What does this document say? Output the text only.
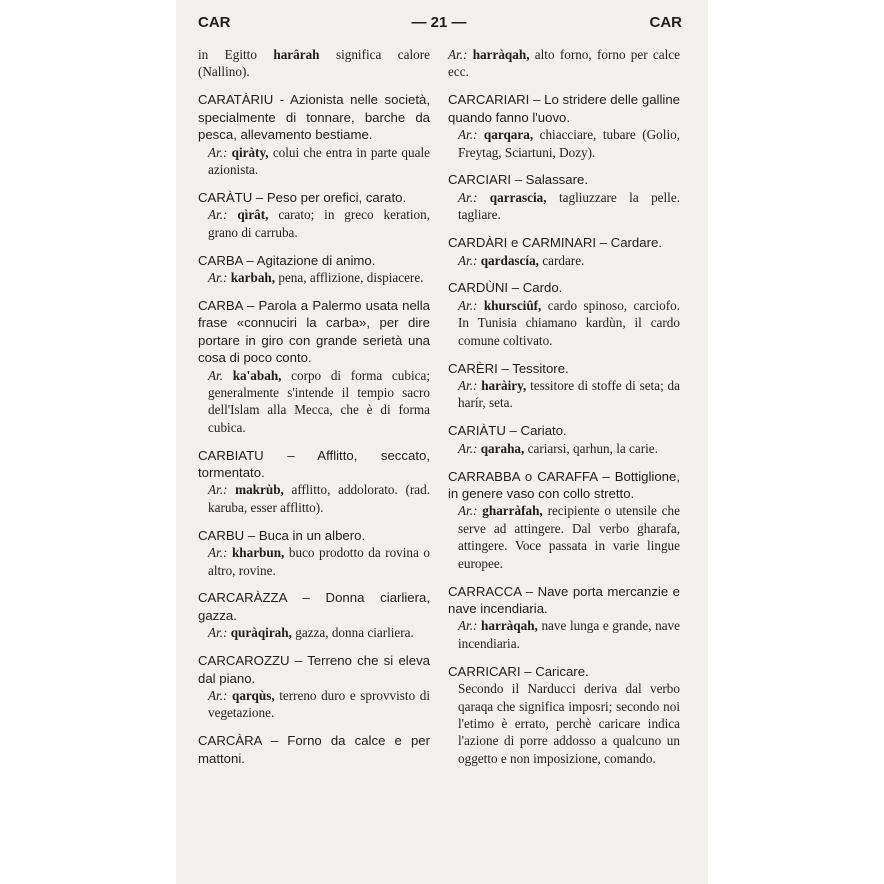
CAR	— 21 —	CAR
in Egitto harârah significa calore (Nallino).
CARATÀRIU - Azionista nelle società, specialmente di tonnare, barche da pesca, allevamento bestiame.
Ar.: qiràty, colui che entra in parte quale azionista.
CARÀTU – Peso per orefici, carato.
Ar.: qìrât, carato; in greco keration, grano di carruba.
CARBA – Agitazione di animo.
Ar.: karbah, pena, afflizione, dispiacere.
CARBA – Parola a Palermo usata nella frase «connuciri la carba», per dire portare in giro con grande serietà una cosa di poco conto.
Ar. ka'abah, corpo di forma cubica; generalmente s'intende il tempio sacro dell'Islam alla Mecca, che è di forma cubica.
CARBIATU – Afflitto, seccato, tormentato.
Ar.: makrùb, afflitto, addolorato. (rad. karuba, esser afflitto).
CARBU – Buca in un albero.
Ar.: kharbun, buco prodotto da rovina o altro, rovine.
CARCARÀZZA – Donna ciarliera, gazza.
Ar.: quràqirah, gazza, donna ciarliera.
CARCAROZZU – Terreno che si eleva dal piano.
Ar.: qarqùs, terreno duro e sprovvisto di vegetazione.
CARCÀRA – Forno da calce e per mattoni.
Ar.: harràqah, alto forno, forno per calce ecc.
CARCARIARI – Lo stridere delle galline quando fanno l'uovo.
Ar.: qarqara, chiacciare, tubare (Golio, Freytag, Sciartuni, Dozy).
CARCIARI – Salassare.
Ar.: qarrascia, tagliuzzare la pelle. tagliare.
CARDÀRI e CARMINARI – Cardare.
Ar.: qardascía, cardare.
CARDÙNI – Cardo.
Ar.: khursciûf, cardo spinoso, carciofo. In Tunisia chiamano kardùn, il cardo comune coltivato.
CARÈRI – Tessitore.
Ar.: haràiry, tessitore di stoffe di seta; da harír, seta.
CARIÀTU – Cariato.
Ar.: qaraha, cariarsi, qarhun, la carie.
CARRABBA o CARAFFA – Bottiglione, in genere vaso con collo stretto.
Ar.: gharràfah, recipiente o utensile che serve ad attingere. Dal verbo gharafa, attingere. Voce passata in varie lingue europee.
CARRACCA – Nave porta mercanzie e nave incendiaria.
Ar.: harràqah, nave lunga e grande, nave incendiaria.
CARRICARI – Caricare.
Secondo il Narducci deriva dal verbo qaraqa che significa imposri; secondo noi l'etimo è errato, perchè caricare indica l'azione di porre addosso a qualcuno un oggetto e non imposizione, comando.
